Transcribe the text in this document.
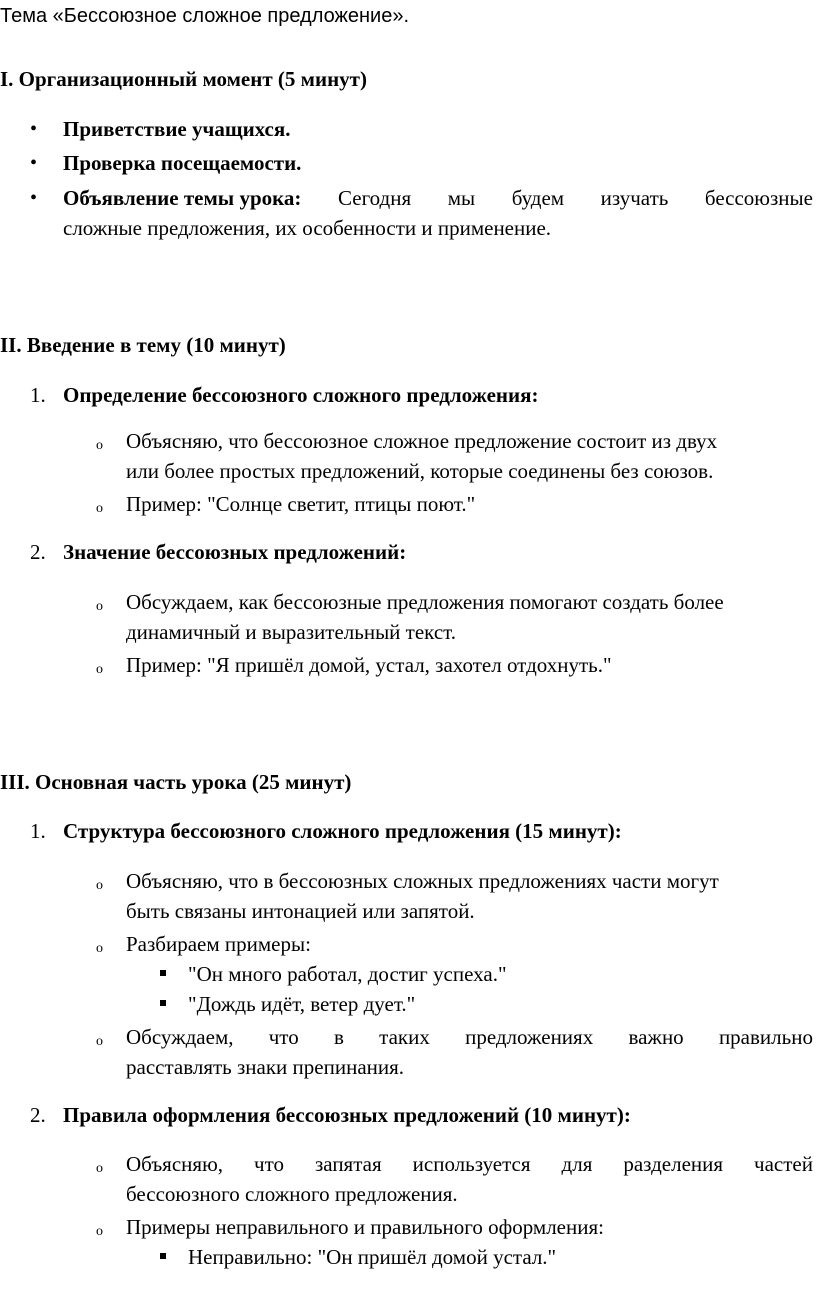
Тема «Бессоюзное сложное предложение».
I. Организационный момент (5 минут)
• Приветствие учащихся.
• Проверка посещаемости.
• Объявление темы урока: Сегодня мы будем изучать бессоюзные
сложные предложения, их особенности и применение.
II. Введение в тему (10 минут)
1. Определение бессоюзного сложного предложения:
o Объясняю, что бессоюзное сложное предложение состоит из двух
или более простых предложений, которые соединены без союзов.
o Пример: "Солнце светит, птицы поют."
2. Значение бессоюзных предложений:
o Обсуждаем, как бессоюзные предложения помогают создать более
динамичный и выразительный текст.
o Пример: "Я пришёл домой, устал, захотел отдохнуть."
III. Основная часть урока (25 минут)
1. Структура бессоюзного сложного предложения (15 минут):
o Объясняю, что в бессоюзных сложных предложениях части могут
быть связаны интонацией или запятой.
o Разбираем примеры:
"Он много работал, достиг успеха."
"Дождь идёт, ветер дует."
o Обсуждаем, что в таких предложениях важно правильно
расставлять знаки препинания.
2. Правила оформления бессоюзных предложений (10 минут):
o Объясняю, что запятая используется для разделения частей
бессоюзного сложного предложения.
o Примеры неправильного и правильного оформления:
Неправильно: "Он пришёл домой устал."
